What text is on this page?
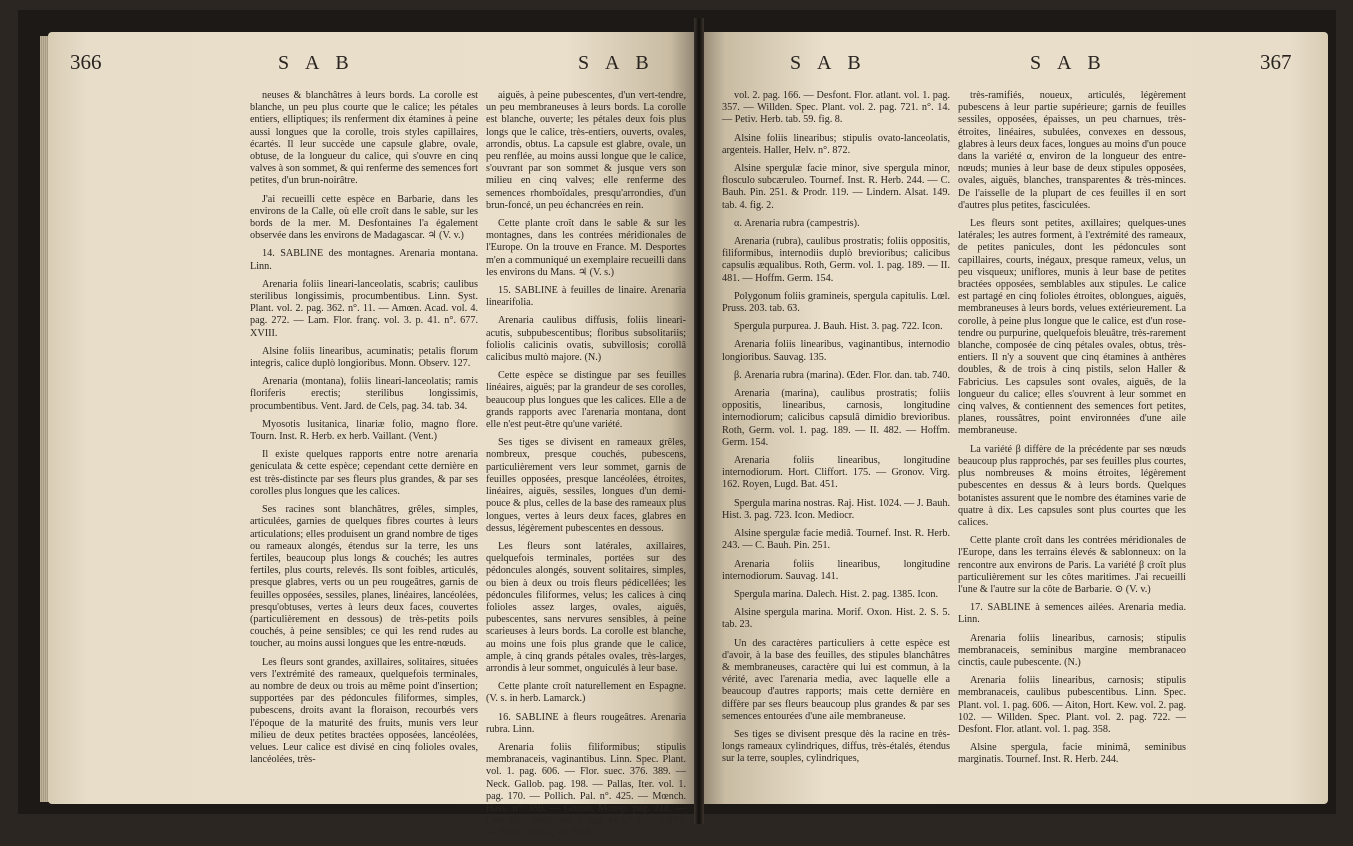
366	S A B	S A B

neuses & blanchâtres à leurs bords. La corolle est blanche, un peu plus courte que le calice; les pétales entiers, elliptiques; ils renferment dix étamines à peine aussi longues que la corolle, trois styles capillaires, écartés. Il leur succède une capsule glabre, ovale, obtuse, de la longueur du calice, qui s'ouvre en cinq valves à son sommet, & qui renferme des semences fort petites, d'un brun-noirâtre.

J'ai recueilli cette espèce en Barbarie, dans les environs de la Calle, où elle croît dans le sable, sur les bords de la mer. M. Desfontaines l'a également observée dans les environs de Madagascar. ♃ (V. v.)

14. SABLINE des montagnes. Arenaria montana. Linn.

Arenaria foliis lineari-lanceolatis, scabris; caulibus sterilibus longissimis, procumbentibus. Linn. Syst. Plant. vol. 2. pag. 362. n°. 11. — Amœn. Acad. vol. 4. pag. 272. — Lam. Flor. franç. vol. 3. p. 41. n°. 677. XVIII.

Alsine foliis linearibus, acuminatis; petalis florum integris, calice duplò longioribus. Monn. Observ. 127.

Arenaria (montana), foliis lineari-lanceolatis; ramis floriferis erectis; sterilibus longissimis, procumbentibus. Vent. Jard. de Cels, pag. 34. tab. 34.

Myosotis lusitanica, linariæ folio, magno flore. Tourn. Inst. R. Herb. ex herb. Vaillant. (Vent.)

Il existe quelques rapports entre notre arenaria geniculata & cette espèce; cependant cette dernière en est très-distincte par ses fleurs plus grandes, & par ses corolles plus longues que les calices.

Ses racines sont blanchâtres, grêles, simples, articulées, garnies de quelques fibres courtes à leurs articulations; elles produisent un grand nombre de tiges ou rameaux alongés, étendus sur la terre, les uns fertiles, beaucoup plus longs & couchés; les autres fertiles, plus courts, relevés. Ils sont foibles, articulés, presque glabres, verts ou un peu rougeâtres, garnis de feuilles opposées, sessiles, planes, linéaires, lancéolées, presqu'obtuses, vertes à leurs deux faces, couvertes (particulièrement en dessous) de très-petits poils couchés, à peine sensibles; ce qui les rend rudes au toucher, au moins aussi longues que les entre-nœuds.

Les fleurs sont grandes, axillaires, solitaires, situées vers l'extrémité des rameaux, quelquefois terminales, au nombre de deux ou trois au même point d'insertion; supportées par des pédoncules filiformes, simples, pubescens, droits avant la floraison, recourbés vers l'époque de la maturité des fruits, munis vers leur milieu de deux petites bractées opposées, lancéolées, velues. Leur calice est divisé en cinq folioles ovales, lancéolées, très-

aiguës, à peine pubescentes, d'un vert-tendre, un peu membraneuses à leurs bords. La corolle est blanche, ouverte; les pétales deux fois plus longs que le calice, très-entiers, ouverts, ovales, arrondis, obtus. La capsule est glabre, ovale, un peu renflée, au moins aussi longue que le calice, s'ouvrant par son sommet & jusque vers son milieu en cinq valves; elle renferme des semences rhomboïdales, presqu'arrondies, d'un brun-foncé, un peu échancrées en rein.

Cette plante croît dans le sable & sur les montagnes, dans les contrées méridionales de l'Europe. On la trouve en France. M. Desportes m'en a communiqué un exemplaire recueilli dans les environs du Mans. ♃ (V. s.)

15. SABLINE à feuilles de linaire. Arenaria linearifolia.

Arenaria caulibus diffusis, foliis lineari-acutis, subpubescentibus; floribus subsolitariis; foliolis calicinis ovatis, subvillosis; corollâ calicibus multò majore. (N.)

Cette espèce se distingue par ses feuilles linéaires, aiguës; par la grandeur de ses corolles, beaucoup plus longues que les calices. Elle a de grands rapports avec l'arenaria montana, dont elle n'est peut-être qu'une variété.

Ses tiges se divisent en rameaux grêles, nombreux, presque couchés, pubescens, particulièrement vers leur sommet, garnis de feuilles opposées, presque lancéolées, étroites, linéaires, aiguës, sessiles, longues d'un demi-pouce & plus, celles de la base des rameaux plus longues, vertes à leurs deux faces, glabres en dessus, légèrement pubescentes en dessous.

Les fleurs sont latérales, axillaires, quelquefois terminales, portées sur des pédoncules alongés, souvent solitaires, simples, ou bien à deux ou trois fleurs pédicellées; les pédoncules filiformes, velus; les calices à cinq folioles assez larges, ovales, aiguës, pubescentes, sans nervures sensibles, à peine scarieuses à leurs bords. La corolle est blanche, au moins une fois plus grande que le calice, ample, à cinq grands pétales ovales, très-larges, arrondis à leur sommet, onguiculés à leur base.

Cette plante croît naturellement en Espagne. (V. s. in herb. Lamarck.)

16. SABLINE à fleurs rougeâtres. Arenaria rubra. Linn.

Arenaria foliis filiformibus; stipulis membranaceis, vaginantibus. Linn. Spec. Plant. vol. 1. pag. 606. — Flor. suec. 376. 389. — Neck. Gallob. pag. 198. — Pallas, Iter. vol. 1. pag. 170. — Pollich. Pal. n°. 425. — Mœnch. Hass. n°. 359. — Gouan, Monsp. pag. 218. — Lam. Flor. franç. vol. 3. pag. 44. n°. 677. XXVI. — Poiret, Voyag. en Barb.

S A B	S A B	367

vol. 2. pag. 166. — Desfont. Flor. atlant. vol. 1. pag. 357. — Willden. Spec. Plant. vol. 2. pag. 721. n°. 14. — Petiv. Herb. tab. 59. fig. 8.

Alsine foliis linearibus; stipulis ovato-lanceolatis, argenteis. Haller, Helv. n°. 872.

Alsine spergulæ facie minor, sive spergula minor, flosculo subcæruleo. Tournef. Inst. R. Herb. 244. — C. Bauh. Pin. 251. & Prodr. 119. — Lindern. Alsat. 149. tab. 4. fig. 2.

α. Arenaria rubra (campestris).

Arenaria (rubra), caulibus prostratis; foliis oppositis, filiformibus, internodiis duplò brevioribus; calicibus capsulis æqualibus. Roth, Germ. vol. 1. pag. 189. — II. 481. — Hoffm. Germ. 154.

Polygonum foliis gramineis, spergula capitulis. Lœl. Pruss. 203. tab. 63.

Spergula purpurea. J. Bauh. Hist. 3. pag. 722. Icon.

Arenaria foliis linearibus, vaginantibus, internodio longioribus. Sauvag. 135.

β. Arenaria rubra (marina). Œder. Flor. dan. tab. 740.

Arenaria (marina), caulibus prostratis; foliis oppositis, linearibus, carnosis, longitudine internodiorum; calicibus capsulâ dimidio brevioribus. Roth, Germ. vol. 1. pag. 189. — II. 482. — Hoffm. Germ. 154.

Arenaria foliis linearibus, longitudine internodiorum. Hort. Cliffort. 175. — Gronov. Virg. 162. Royen, Lugd. Bat. 451.

Spergula marina nostras. Raj. Hist. 1024. — J. Bauh. Hist. 3. pag. 723. Icon. Mediocr.

Alsine spergulæ facie mediâ. Tournef. Inst. R. Herb. 243. — C. Bauh. Pin. 251.

Arenaria foliis linearibus, longitudine internodiorum. Sauvag. 141.

Spergula marina. Dalech. Hist. 2. pag. 1385. Icon.

Alsine spergula marina. Morif. Oxon. Hist. 2. S. 5. tab. 23.

Un des caractères particuliers à cette espèce est d'avoir, à la base des feuilles, des stipules blanchâtres & membraneuses, caractère qui lui est commun, à la vérité, avec l'arenaria media, avec laquelle elle a beaucoup d'autres rapports; mais cette dernière en diffère par ses fleurs beaucoup plus grandes & par ses semences entourées d'une aile membraneuse.

Ses tiges se divisent presque dès la racine en très-longs rameaux cylindriques, diffus, très-étalés, étendus sur la terre, souples, cylindriques,

très-ramifiés, noueux, articulés, légèrement pubescens à leur partie supérieure; garnis de feuilles sessiles, opposées, épaisses, un peu charnues, très-étroites, linéaires, subulées, convexes en dessous, glabres à leurs deux faces, longues au moins d'un pouce dans la variété α, environ de la longueur des entre-nœuds; munies à leur base de deux stipules opposées, ovales, aiguës, blanches, transparentes & très-minces. De l'aisselle de la plupart de ces feuilles il en sort d'autres plus petites, fasciculées.

Les fleurs sont petites, axillaires; quelques-unes latérales; les autres forment, à l'extrémité des rameaux, de petites panicules, dont les pédoncules sont capillaires, courts, inégaux, presque rameux, velus, un peu visqueux; uniflores, munis à leur base de petites bractées opposées, semblables aux stipules. Le calice est partagé en cinq folioles étroites, oblongues, aiguës, membraneuses à leurs bords, velues extérieurement. La corolle, à peine plus longue que le calice, est d'un rose-tendre ou purpurine, quelquefois bleuâtre, très-rarement blanche, composée de cinq pétales ovales, obtus, très-entiers. Il n'y a souvent que cinq étamines à anthères doubles, & de trois à cinq pistils, selon Haller & Fabricius. Les capsules sont ovales, aiguës, de la longueur du calice; elles s'ouvrent à leur sommet en cinq valves, & contiennent des semences fort petites, planes, roussâtres, point environnées d'une aile membraneuse.

La variété β diffère de la précédente par ses nœuds beaucoup plus rapprochés, par ses feuilles plus courtes, plus nombreuses & moins étroites, légèrement pubescentes en dessus & à leurs bords. Quelques botanistes assurent que le nombre des étamines varie de quatre à dix. Les capsules sont plus courtes que les calices.

Cette plante croît dans les contrées méridionales de l'Europe, dans les terrains élevés & sablonneux: on la rencontre aux environs de Paris. La variété β croît plus particulièrement sur les côtes maritimes. J'ai recueilli l'une & l'autre sur la côte de Barbarie. ⊙ (V. v.)

17. SABLINE à semences ailées. Arenaria media. Linn.

Arenaria foliis linearibus, carnosis; stipulis membranaceis, seminibus margine membranaceo cinctis, caule pubescente. (N.)

Arenaria foliis linearibus, carnosis; stipulis membranaceis, caulibus pubescentibus. Linn. Spec. Plant. vol. 1. pag. 606. — Aiton, Hort. Kew. vol. 2. pag. 102. — Willden. Spec. Plant. vol. 2. pag. 722. — Desfont. Flor. atlant. vol. 1. pag. 358.

Alsine spergula, facie minimâ, seminibus marginatis. Tournef. Inst. R. Herb. 244.
